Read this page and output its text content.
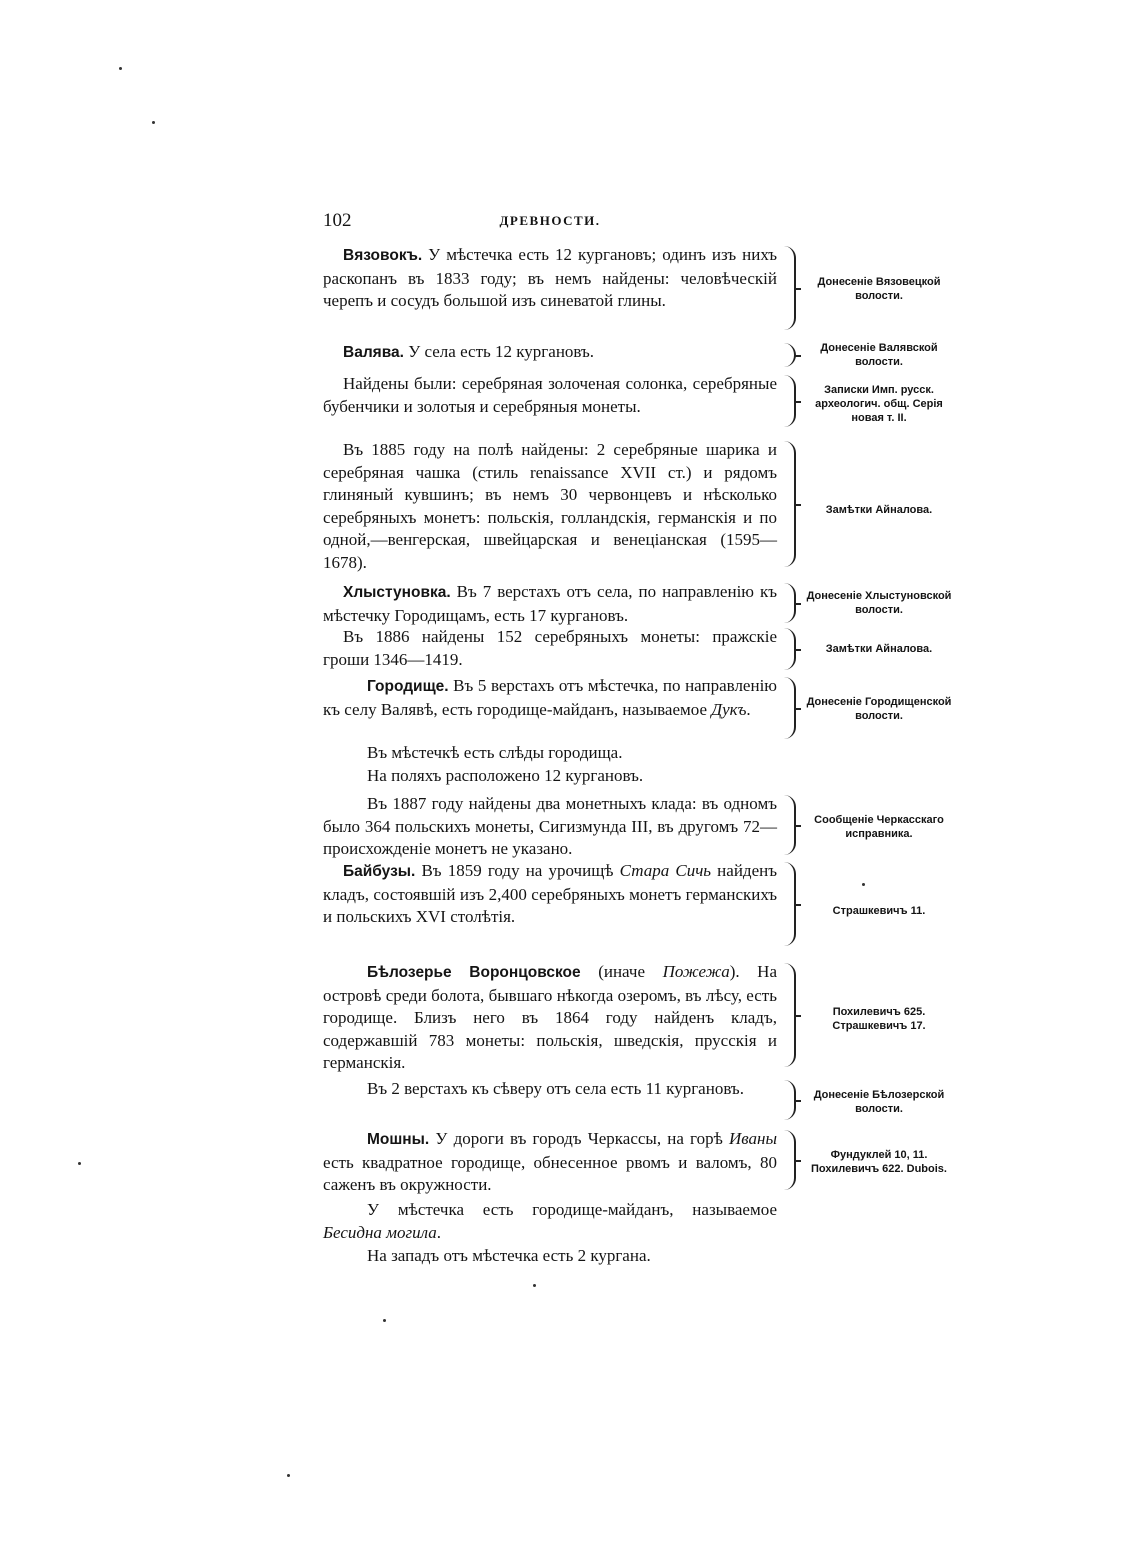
102	ДРЕВНОСТИ.

Вязовокъ. У мѣстечка есть 12 кургановъ; одинъ изъ нихъ раскопанъ въ 1833 году; въ немъ найдены: человѣческій черепъ и сосудъ большой изъ синеватой глины.

Донесеніе Вязовецкой волости.

Валява. У села есть 12 кургановъ.	Донесеніе Валявской волости.

Найдены были: серебряная золоченая солонка, серебряные бубенчики и золотыя и серебряныя монеты.

Записки Имп. русск. археологич. общ. Серія новая т. II.

Въ 1885 году на полѣ найдены: 2 серебряные шарика и серебряная чашка (стиль renaissance XVII ст.) и рядомъ глиняный кувшинъ; въ немъ 30 червонцевъ и нѣсколько серебряныхъ монетъ: польскія, голландскія, германскія и по одной,—венгерская, швейцарская и венеціанская (1595—1678).

Замѣтки Айналова.

Хлыстуновка. Въ 7 верстахъ отъ села, по направленію къ мѣстечку Городищамъ, есть 17 кургановъ.

Донесеніе Хлыстуновской волости.

Въ 1886 найдены 152 серебряныхъ монеты: пражскіе гроши 1346—1419.

Замѣтки Айналова.

Городище. Въ 5 верстахъ отъ мѣстечка, по направленію къ селу Валявѣ, есть городище-майданъ, называемое Дукъ.	Донесеніе Городищенской волости.

Въ мѣстечкѣ есть слѣды городища.

На поляхъ расположено 12 кургановъ.

Въ 1887 году найдены два монетныхъ клада: въ одномъ было 364 польскихъ монеты, Сигизмунда III, въ другомъ 72—происхожденіе монетъ не указано.

Сообщеніе Черкасскаго исправника.

Байбузы. Въ 1859 году на урочищѣ Стара Сичь найденъ кладъ, состоявшій изъ 2,400 серебряныхъ монетъ германскихъ и польскихъ XVI столѣтія.	Страшкевичъ 11.

Бѣлозерье Воронцовское (иначе Пожежа). На островѣ среди болота, бывшаго нѣкогда озеромъ, въ лѣсу, есть городище. Близъ него въ 1864 году найденъ кладъ, содержавшій 783 монеты: польскія, шведскія, прусскія и германскія.

Похилевичъ 625. Страшкевичъ 17.

Въ 2 верстахъ къ сѣверу отъ села есть 11 кургановъ.	Донесеніе Бѣлозерской волости.

Мошны. У дороги въ городъ Черкассы, на горѣ Иваны есть квадратное городище, обнесенное рвомъ и валомъ, 80 саженъ въ окружности.

Фундуклей 10, 11. Похилевичъ 622. Dubois.

У мѣстечка есть городище-майданъ, называемое Бесидна могила.

На западъ отъ мѣстечка есть 2 кургана.
